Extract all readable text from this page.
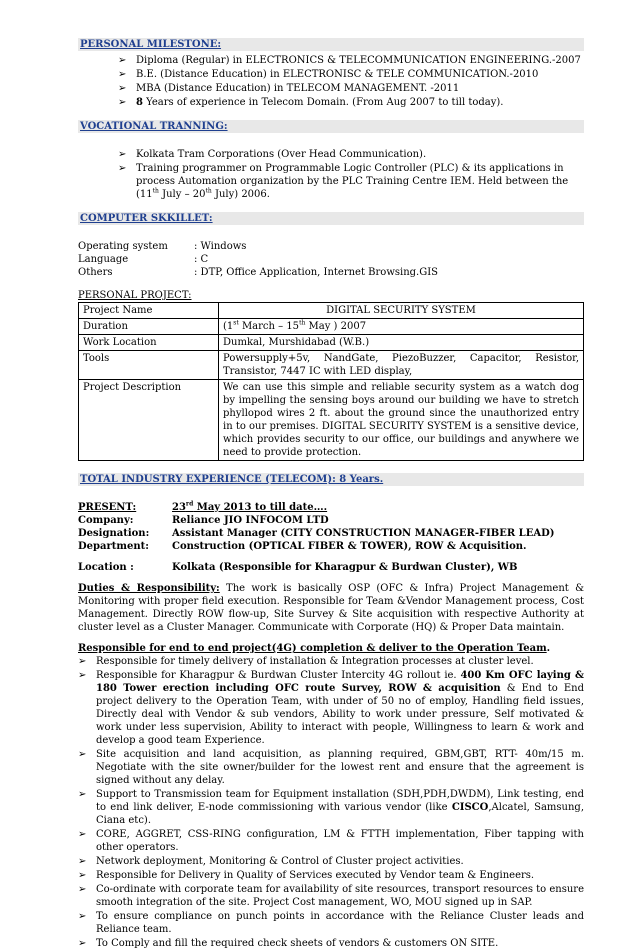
PERSONAL MILESTONE:
➢ Diploma (Regular) in ELECTRONICS & TELECOMMUNICATION ENGINEERING.-2007
➢ B.E. (Distance Education) in ELECTRONISC & TELE COMMUNICATION.-2010
➢ MBA (Distance Education) in TELECOM MANAGEMENT. -2011
➢ 8 Years of experience in Telecom Domain. (From Aug 2007 to till today).
VOCATIONAL TRANNING:
➢ Kolkata Tram Corporations (Over Head Communication).
➢ Training programmer on Programmable Logic Controller (PLC) & its applications in process Automation organization by the PLC Training Centre IEM. Held between the (11th July – 20th July) 2006.
COMPUTER SKKILLET:
Operating system	: Windows
Language	: C
Others	: DTP, Office Application, Internet Browsing.GIS
PERSONAL PROJECT:
Project Name	DIGITAL SECURITY SYSTEM
Duration	(1st March – 15th May ) 2007
Work Location	Dumkal, Murshidabad (W.B.)
Tools	Powersupply+5v, NandGate, PiezoBuzzer, Capacitor, Resistor, Transistor, 7447 IC with LED display,
Project Description	We can use this simple and reliable security system as a watch dog by impelling the sensing boys around our building we have to stretch phyllopod wires 2 ft. about the ground since the unauthorized entry in to our premises. DIGITAL SECURITY SYSTEM is a sensitive device, which provides security to our office, our buildings and anywhere we need to provide protection.
TOTAL INDUSTRY EXPERIENCE (TELECOM): 8 Years.
PRESENT:	23rd May 2013 to till date….
Company:	Reliance JIO INFOCOM LTD
Designation:	Assistant Manager (CITY CONSTRUCTION MANAGER-FIBER LEAD)
Department:	Construction (OPTICAL FIBER & TOWER), ROW & Acquisition.
Location :	Kolkata (Responsible for Kharagpur & Burdwan Cluster), WB
Duties & Responsibility: The work is basically OSP (OFC & Infra) Project Management & Monitoring with proper field execution. Responsible for Team &Vendor Management process, Cost Management. Directly ROW flow-up, Site Survey & Site acquisition with respective Authority at cluster level as a Cluster Manager. Communicate with Corporate (HQ) & Proper Data maintain.
Responsible for end to end project(4G) completion & deliver to the Operation Team.
➢ Responsible for timely delivery of installation & Integration processes at cluster level.
➢ Responsible for Kharagpur & Burdwan Cluster Intercity 4G rollout ie. 400 Km OFC laying & 180 Tower erection including OFC route Survey, ROW & acquisition & End to End project delivery to the Operation Team, with under of 50 no of employ, Handling field issues, Directly deal with Vendor & sub vendors, Ability to work under pressure, Self motivated & work under less supervision, Ability to interact with people, Willingness to learn & work and develop a good team Experience.
➢ Site acquisition and land acquisition, as planning required, GBM,GBT, RTT- 40m/15 m. Negotiate with the site owner/builder for the lowest rent and ensure that the agreement is signed without any delay.
➢ Support to Transmission team for Equipment installation (SDH,PDH,DWDM), Link testing, end to end link deliver, E-node commissioning with various vendor (like CISCO,Alcatel, Samsung, Ciana etc).
➢ CORE, AGGRET, CSS-RING configuration, LM & FTTH implementation, Fiber tapping with other operators.
➢ Network deployment, Monitoring & Control of Cluster project activities.
➢ Responsible for Delivery in Quality of Services executed by Vendor team & Engineers.
➢ Co-ordinate with corporate team for availability of site resources, transport resources to ensure smooth integration of the site. Project Cost management, WO, MOU signed up in SAP.
➢ To ensure compliance on punch points in accordance with the Reliance Cluster leads and Reliance team.
➢ To Comply and fill the required check sheets of vendors & customers ON SITE.
